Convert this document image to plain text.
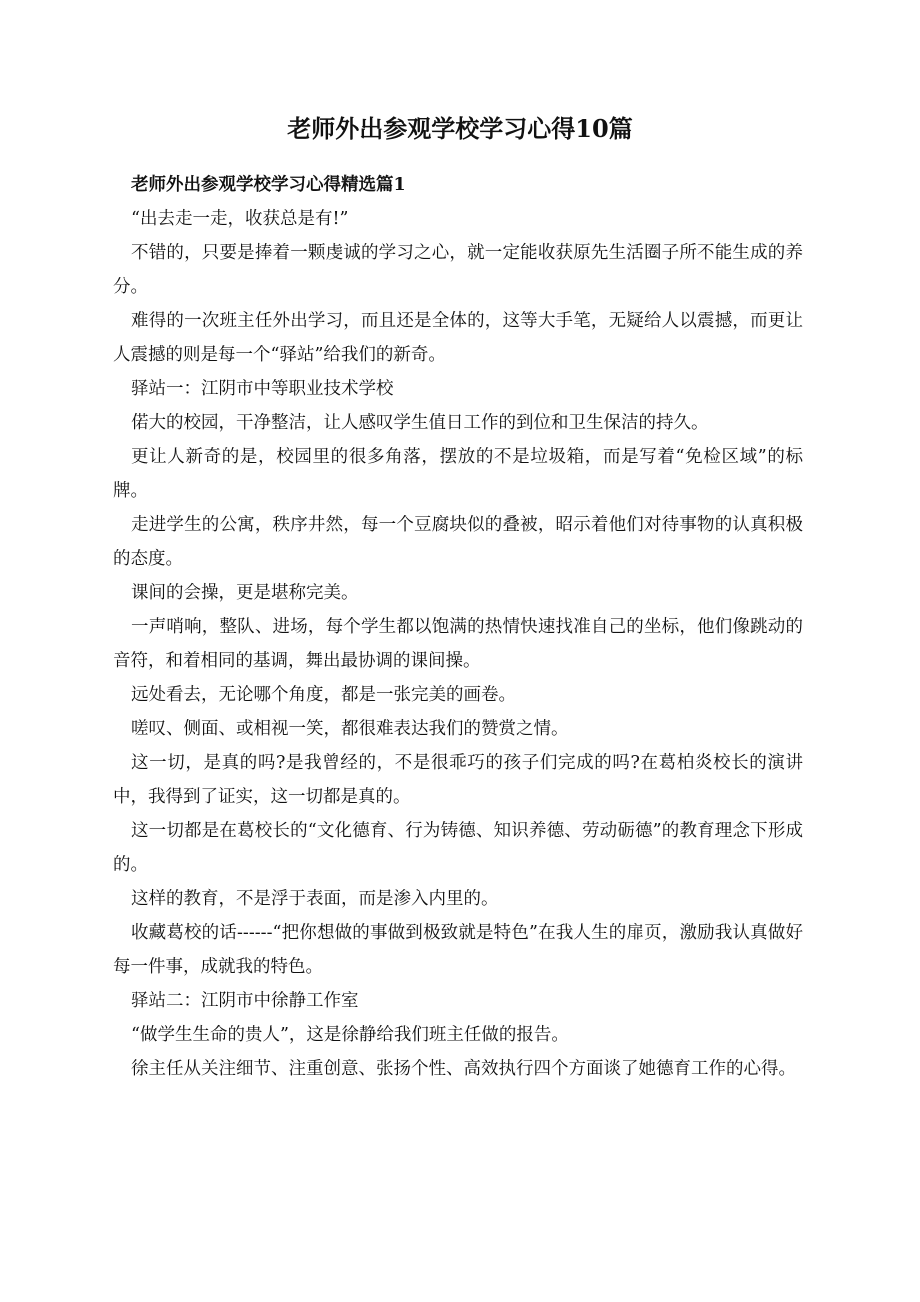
老师外出参观学校学习心得10篇

老师外出参观学校学习心得精选篇1

“出去走一走，收获总是有!”

不错的，只要是捧着一颗虔诚的学习之心，就一定能收获原先生活圈子所不能生成的养分。

难得的一次班主任外出学习，而且还是全体的，这等大手笔，无疑给人以震撼，而更让人震撼的则是每一个“驿站”给我们的新奇。

驿站一：江阴市中等职业技术学校

偌大的校园，干净整洁，让人感叹学生值日工作的到位和卫生保洁的持久。

更让人新奇的是，校园里的很多角落，摆放的不是垃圾箱，而是写着“免检区域”的标牌。

走进学生的公寓，秩序井然，每一个豆腐块似的叠被，昭示着他们对待事物的认真积极的态度。

课间的会操，更是堪称完美。

一声哨响，整队、进场，每个学生都以饱满的热情快速找准自己的坐标，他们像跳动的音符，和着相同的基调，舞出最协调的课间操。

远处看去，无论哪个角度，都是一张完美的画卷。

嗟叹、侧面、或相视一笑，都很难表达我们的赞赏之情。

这一切，是真的吗?是我曾经的，不是很乖巧的孩子们完成的吗?在葛柏炎校长的演讲中，我得到了证实，这一切都是真的。

这一切都是在葛校长的“文化德育、行为铸德、知识养德、劳动砺德”的教育理念下形成的。

这样的教育，不是浮于表面，而是渗入内里的。

收藏葛校的话------“把你想做的事做到极致就是特色”在我人生的扉页，激励我认真做好每一件事，成就我的特色。

驿站二：江阴市中徐静工作室

“做学生生命的贵人”，这是徐静给我们班主任做的报告。

徐主任从关注细节、注重创意、张扬个性、高效执行四个方面谈了她德育工作的心得。
